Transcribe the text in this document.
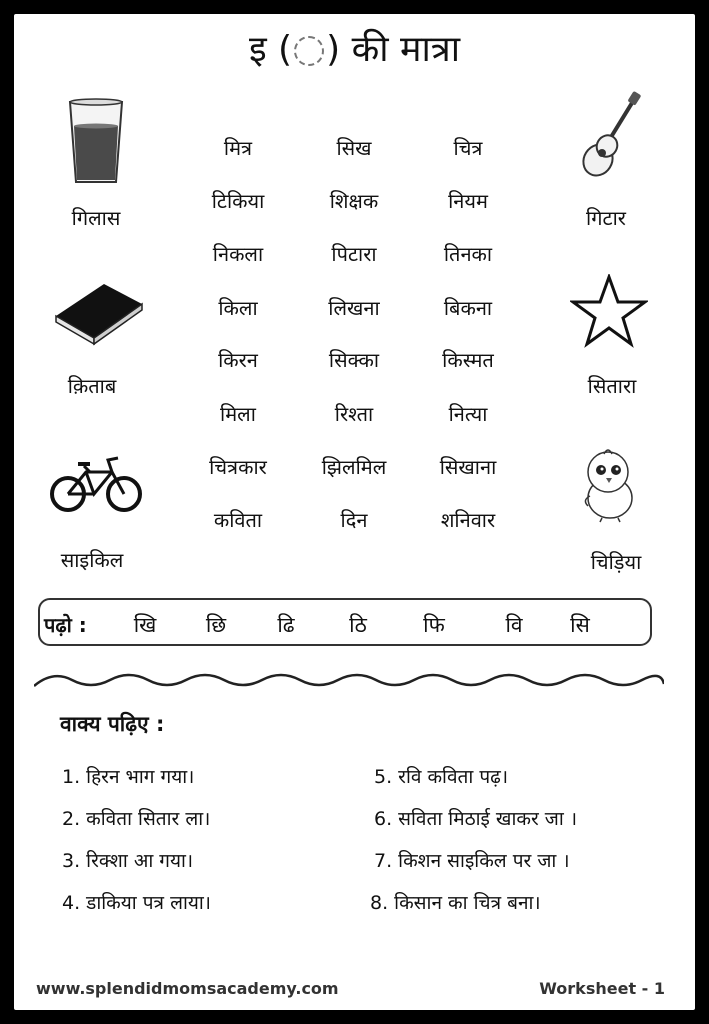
इ ( ) की मात्रा
गिलास	गिटार
क़िताब	सितारा
साइकिल	चिड़िया
मित्र	सिख	चित्र
टिकिया	शिक्षक	नियम
निकला	पिटारा	तिनका
किला	लिखना	बिकना
किरन	सिक्का	किस्मत
मिला	रिश्ता	नित्या
चित्रकार	झिलमिल	सिखाना
कविता	दिन	शनिवार
पढ़ो :	खि	छि	ढि	ठि	फि	वि	सि
वाक्य पढ़िए :
1. हिरन भाग गया।
2. कविता सितार ला।
3. रिक्शा आ गया।
4. डाकिया पत्र लाया।
5. रवि कविता पढ़।
6. सविता मिठाई खाकर जा ।
7. किशन साइकिल पर जा ।
8. किसान का चित्र बना।
www.splendidmomsacademy.com	Worksheet - 1
